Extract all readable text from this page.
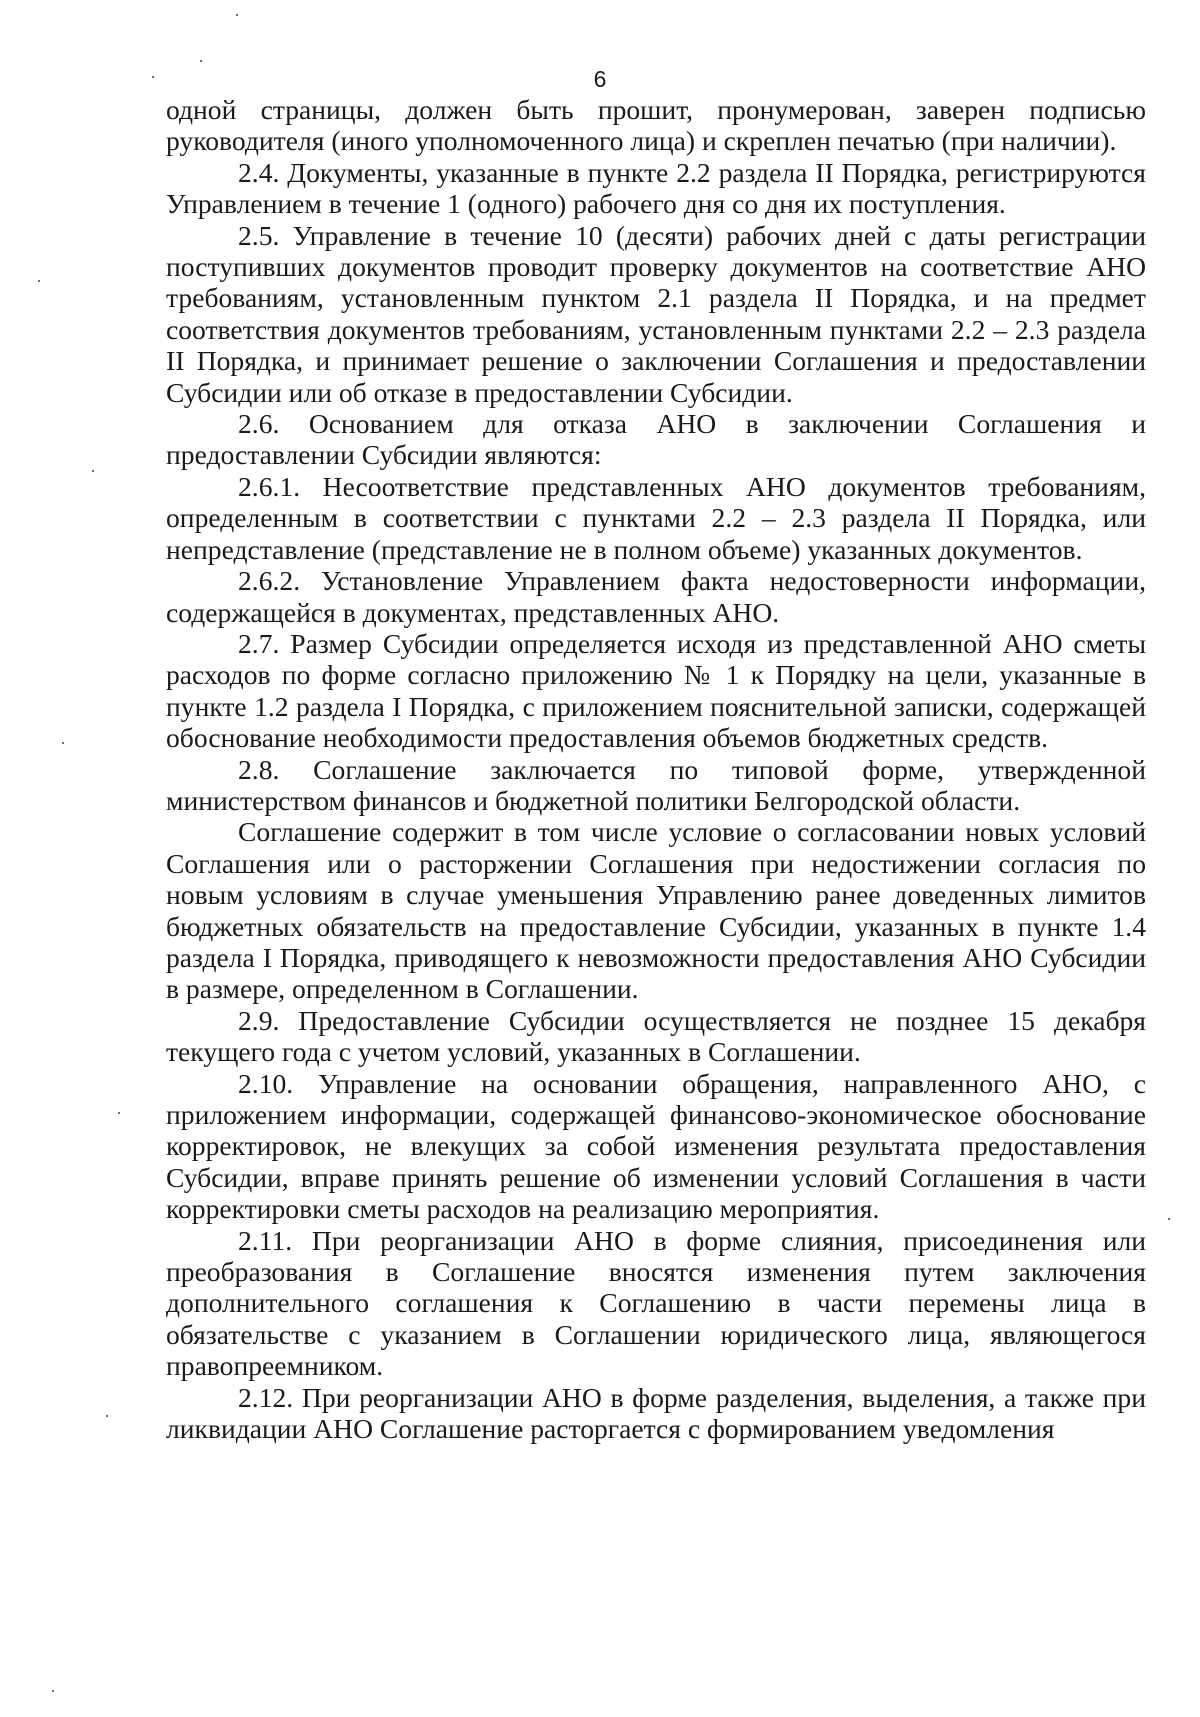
6

одной страницы, должен быть прошит, пронумерован, заверен подписью руководителя (иного уполномоченного лица) и скреплен печатью (при наличии).

2.4. Документы, указанные в пункте 2.2 раздела II Порядка, регистрируются Управлением в течение 1 (одного) рабочего дня со дня их поступления.

2.5. Управление в течение 10 (десяти) рабочих дней с даты регистрации поступивших документов проводит проверку документов на соответствие АНО требованиям, установленным пунктом 2.1 раздела II Порядка, и на предмет соответствия документов требованиям, установленным пунктами 2.2 – 2.3 раздела II Порядка, и принимает решение о заключении Соглашения и предоставлении Субсидии или об отказе в предоставлении Субсидии.

2.6. Основанием для отказа АНО в заключении Соглашения и предоставлении Субсидии являются:

2.6.1. Несоответствие представленных АНО документов требованиям, определенным в соответствии с пунктами 2.2 – 2.3 раздела II Порядка, или непредставление (представление не в полном объеме) указанных документов.

2.6.2. Установление Управлением факта недостоверности информации, содержащейся в документах, представленных АНО.

2.7. Размер Субсидии определяется исходя из представленной АНО сметы расходов по форме согласно приложению № 1 к Порядку на цели, указанные в пункте 1.2 раздела I Порядка, с приложением пояснительной записки, содержащей обоснование необходимости предоставления объемов бюджетных средств.

2.8. Соглашение заключается по типовой форме, утвержденной министерством финансов и бюджетной политики Белгородской области.

Соглашение содержит в том числе условие о согласовании новых условий Соглашения или о расторжении Соглашения при недостижении согласия по новым условиям в случае уменьшения Управлению ранее доведенных лимитов бюджетных обязательств на предоставление Субсидии, указанных в пункте 1.4 раздела I Порядка, приводящего к невозможности предоставления АНО Субсидии в размере, определенном в Соглашении.

2.9. Предоставление Субсидии осуществляется не позднее 15 декабря текущего года с учетом условий, указанных в Соглашении.

2.10. Управление на основании обращения, направленного АНО, с приложением информации, содержащей финансово-экономическое обоснование корректировок, не влекущих за собой изменения результата предоставления Субсидии, вправе принять решение об изменении условий Соглашения в части корректировки сметы расходов на реализацию мероприятия.

2.11. При реорганизации АНО в форме слияния, присоединения или преобразования в Соглашение вносятся изменения путем заключения дополнительного соглашения к Соглашению в части перемены лица в обязательстве с указанием в Соглашении юридического лица, являющегося правопреемником.

2.12. При реорганизации АНО в форме разделения, выделения, а также при ликвидации АНО Соглашение расторгается с формированием уведомления
